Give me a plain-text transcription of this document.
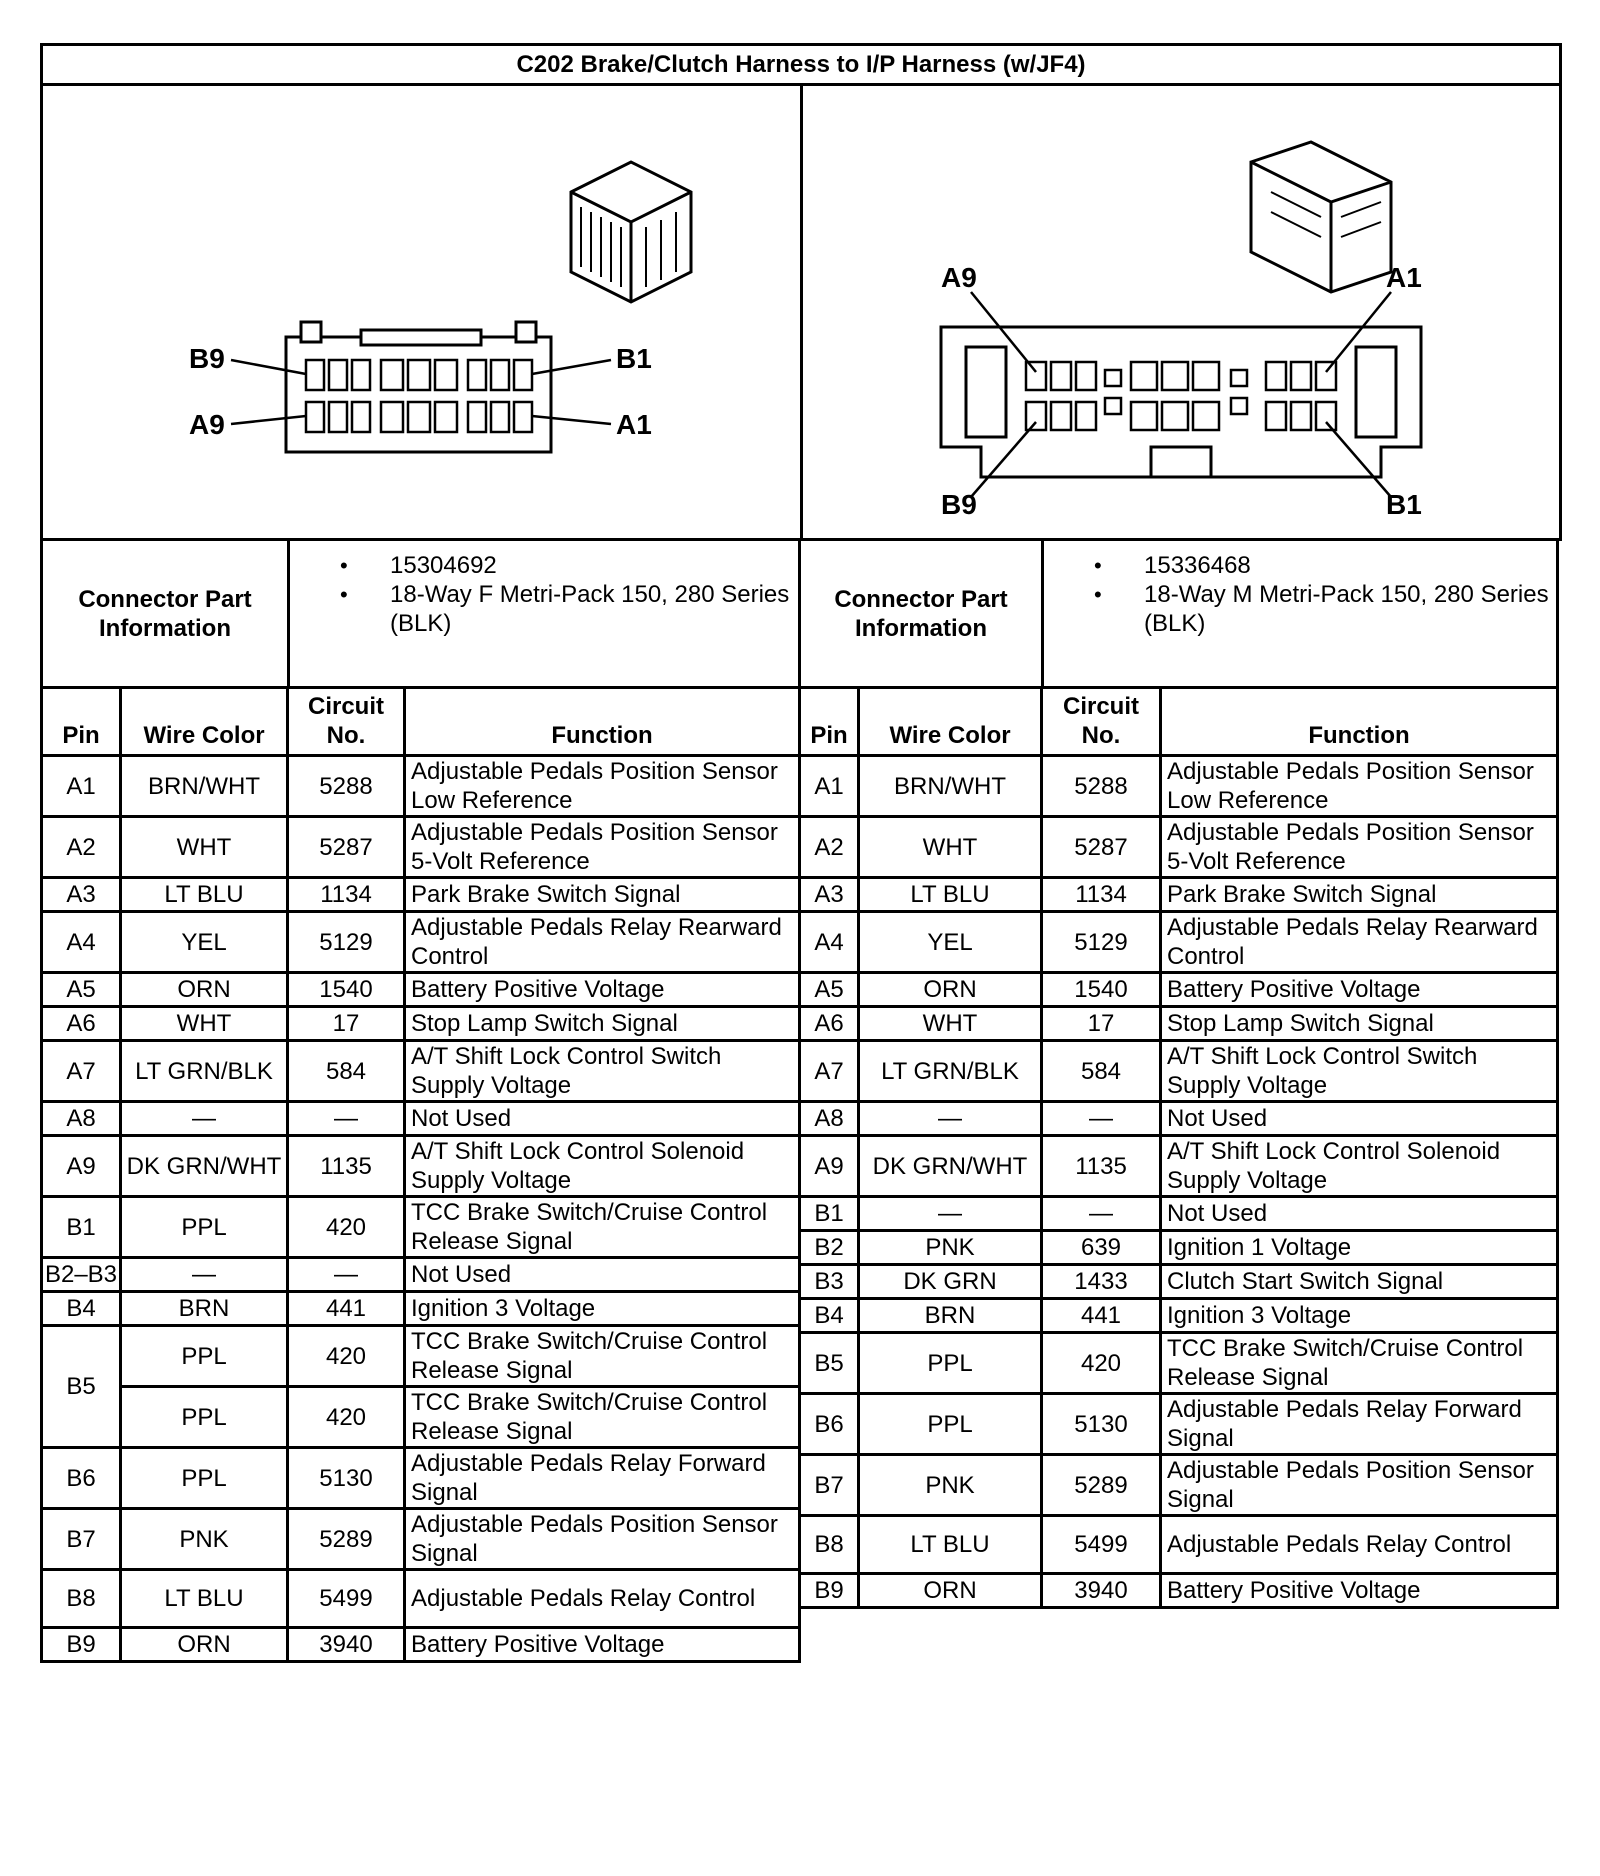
C202 Brake/Clutch Harness to I/P Harness (w/JF4)

B9	B1
A9	A1

A9	A1
B9	B1
Connector Part
Information	
• 15304692
• 18-Way F Metri-Pack 150, 280 Series (BLK)
Pin	Wire Color	Circuit
No.	Function
A1	BRN/WHT	5288	Adjustable Pedals Position Sensor Low Reference
A2	WHT	5287	Adjustable Pedals Position Sensor 5-Volt Reference
A3	LT BLU	1134	Park Brake Switch Signal
A4	YEL	5129	Adjustable Pedals Relay Rearward Control
A5	ORN	1540	Battery Positive Voltage
A6	WHT	17	Stop Lamp Switch Signal
A7	LT GRN/BLK	584	A/T Shift Lock Control Switch Supply Voltage
A8	—	—	Not Used
A9	DK GRN/WHT	1135	A/T Shift Lock Control Solenoid Supply Voltage
B1	PPL	420	TCC Brake Switch/Cruise Control Release Signal
B2–B3	—	—	Not Used
B4	BRN	441	Ignition 3 Voltage
B5	PPL	420	TCC Brake Switch/Cruise Control Release Signal
PPL	420	TCC Brake Switch/Cruise Control Release Signal
B6	PPL	5130	Adjustable Pedals Relay Forward Signal
B7	PNK	5289	Adjustable Pedals Position Sensor Signal
B8	LT BLU	5499	Adjustable Pedals Relay Control
B9	ORN	3940	Battery Positive Voltage

Connector Part
Information	
• 15336468
• 18-Way M Metri-Pack 150, 280 Series (BLK)
Pin	Wire Color	Circuit
No.	Function
A1	BRN/WHT	5288	Adjustable Pedals Position Sensor Low Reference
A2	WHT	5287	Adjustable Pedals Position Sensor 5-Volt Reference
A3	LT BLU	1134	Park Brake Switch Signal
A4	YEL	5129	Adjustable Pedals Relay Rearward Control
A5	ORN	1540	Battery Positive Voltage
A6	WHT	17	Stop Lamp Switch Signal
A7	LT GRN/BLK	584	A/T Shift Lock Control Switch Supply Voltage
A8	—	—	Not Used
A9	DK GRN/WHT	1135	A/T Shift Lock Control Solenoid Supply Voltage
B1	—	—	Not Used
B2	PNK	639	Ignition 1 Voltage
B3	DK GRN	1433	Clutch Start Switch Signal
B4	BRN	441	Ignition 3 Voltage
B5	PPL	420	TCC Brake Switch/Cruise Control Release Signal
B6	PPL	5130	Adjustable Pedals Relay Forward Signal
B7	PNK	5289	Adjustable Pedals Position Sensor Signal
B8	LT BLU	5499	Adjustable Pedals Relay Control
B9	ORN	3940	Battery Positive Voltage
